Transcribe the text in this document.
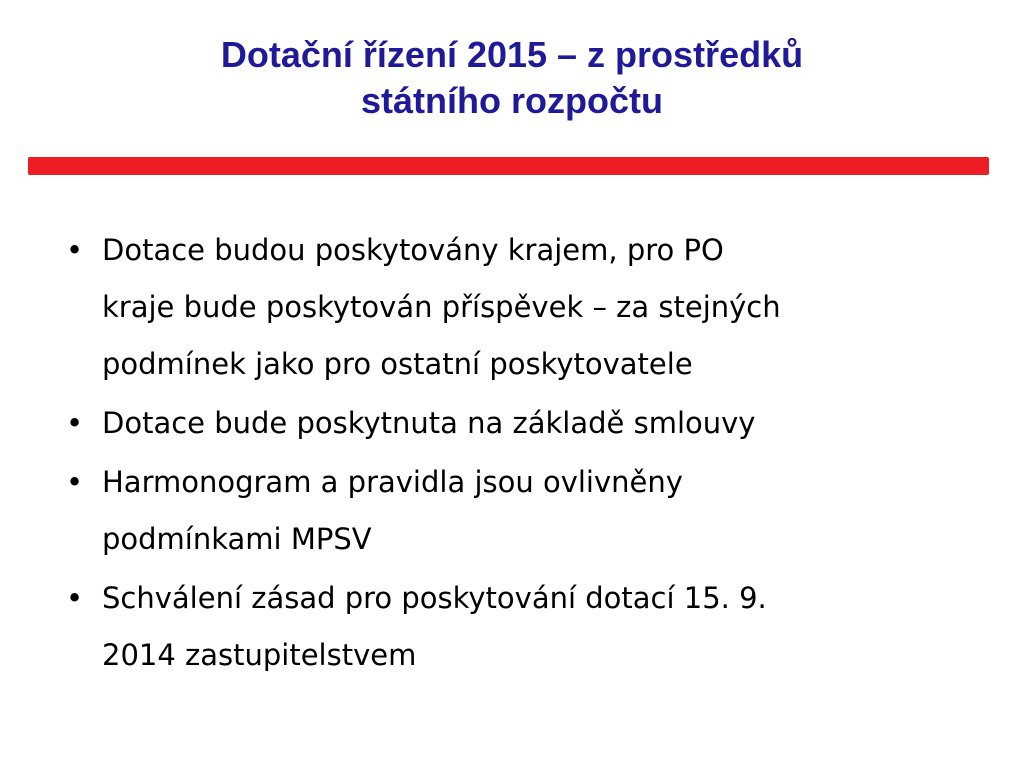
Dotační řízení 2015 – z prostředků
státního rozpočtu
• Dotace budou poskytovány krajem, pro PO
kraje bude poskytován příspěvek – za stejných
podmínek jako pro ostatní poskytovatele
• Dotace bude poskytnuta na základě smlouvy
• Harmonogram a pravidla jsou ovlivněny
podmínkami MPSV
• Schválení zásad pro poskytování dotací 15. 9.
2014 zastupitelstvem
